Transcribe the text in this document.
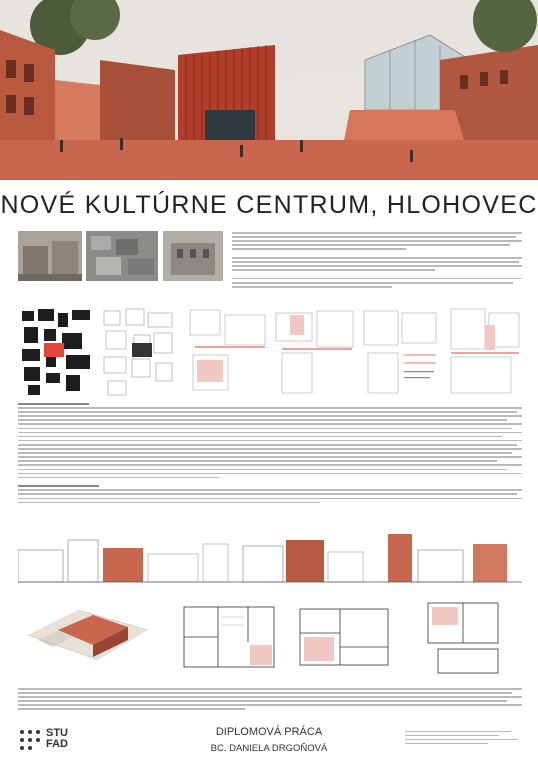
NOVÉ KULTÚRNE CENTRUM, HLOHOVEC
STU
FAD
DIPLOMOVÁ PRÁCA
BC. DANIELA DRGOŇOVÁ
